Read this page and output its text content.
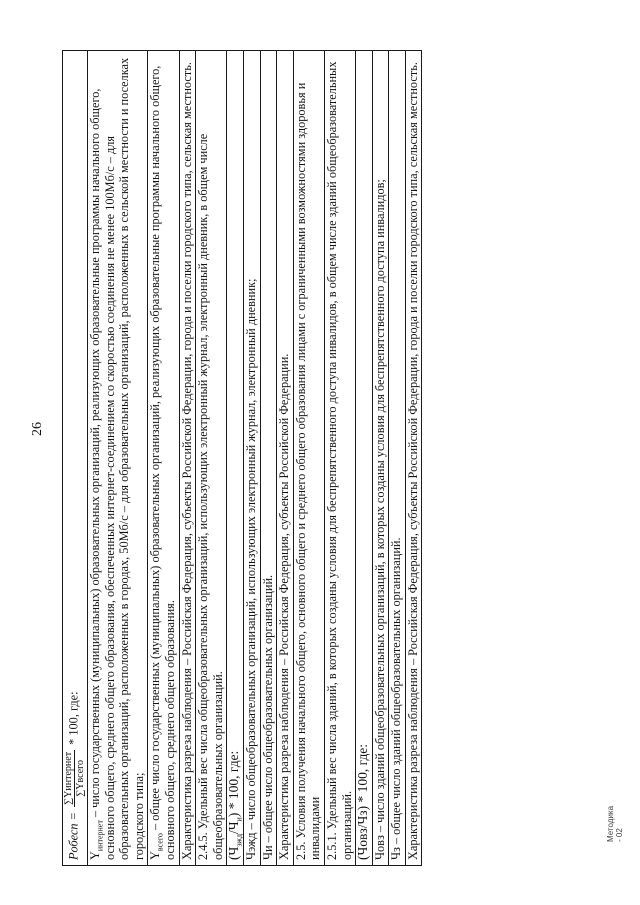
26
Pобесп =
∑Yинтернет ∑Yвсего
* 100, где:
$Y_{интернет}$ – число государственных (муниципальных) образовательных организаций, реализующих образовательные программы начального общего, основного общего, среднего общего образования, обеспеченных интернет-соединением со скоростью соединения не менее 100Мб/с – для образовательных организаций, расположенных в городах, 50Мб/с – для образовательных организаций, расположенных в сельской местности и поселках городского типа;
$Y_{всего}$ – общее число государственных (муниципальных) образовательных организаций, реализующих образовательные программы начального общего, основного общего, среднего общего образования.
Характеристика разреза наблюдения – Российская Федерация, субъекты Российской Федерации, города и поселки городского типа, сельская местность.
2.4.5. Удельный вес числа общеобразовательных организаций, использующих электронный журнал, электронный дневник, в общем числе общеобразовательных организаций.
$(Ч_{эжд}/Ч_и) * 100$, где:
Чэжд – число общеобразовательных организаций, использующих электронный журнал, электронный дневник;
Чи – общее число общеобразовательных организаций.
Характеристика разреза наблюдения – Российская Федерация, субъекты Российской Федерации.
2.5. Условия получения начального общего, основного общего и среднего общего образования лицами с ограниченными возможностями здоровья и инвалидами
2.5.1. Удельный вес числа зданий, в которых созданы условия для беспрепятственного доступа инвалидов, в общем числе зданий общеобразовательных организаций.
(Човз/Чз) * 100, где:
Човз – число зданий общеобразовательных организаций, в которых созданы условия для беспрепятственного доступа инвалидов;
Чз – общее число зданий общеобразовательных организаций.
Характеристика разреза наблюдения – Российская Федерация, субъекты Российской Федерации, города и поселки городского типа, сельская местность.	Методика - 02
